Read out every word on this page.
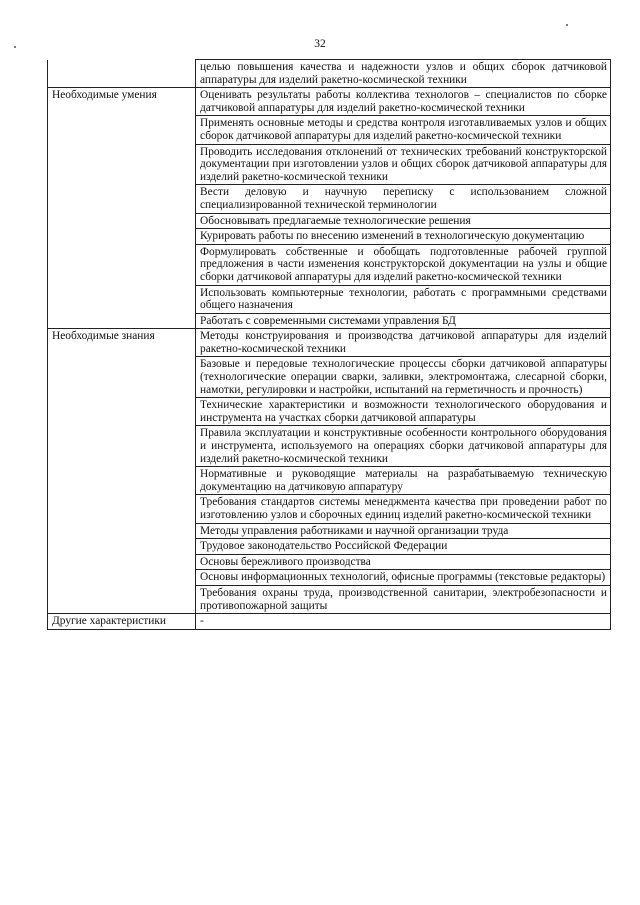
32
	целью повышения качества и надежности узлов и общих сборок датчиковой аппаратуры для изделий ракетно-космической техники
Необходимые умения	Оценивать результаты работы коллектива технологов – специалистов по сборке датчиковой аппаратуры для изделий ракетно-космической техники
	Применять основные методы и средства контроля изготавливаемых узлов и общих сборок датчиковой аппаратуры для изделий ракетно-космической техники
	Проводить исследования отклонений от технических требований конструкторской документации при изготовлении узлов и общих сборок датчиковой аппаратуры для изделий ракетно-космической техники
	Вести деловую и научную переписку с использованием сложной специализированной технической терминологии
	Обосновывать предлагаемые технологические решения
	Курировать работы по внесению изменений в технологическую документацию
	Формулировать собственные и обобщать подготовленные рабочей группой предложения в части изменения конструкторской документации на узлы и общие сборки датчиковой аппаратуры для изделий ракетно-космической техники
	Использовать компьютерные технологии, работать с программными средствами общего назначения
	Работать с современными системами управления БД
Необходимые знания	Методы конструирования и производства датчиковой аппаратуры для изделий ракетно-космической техники
	Базовые и передовые технологические процессы сборки датчиковой аппаратуры (технологические операции сварки, заливки, электромонтажа, слесарной сборки, намотки, регулировки и настройки, испытаний на герметичность и прочность)
	Технические характеристики и возможности технологического оборудования и инструмента на участках сборки датчиковой аппаратуры
	Правила эксплуатации и конструктивные особенности контрольного оборудования и инструмента, используемого на операциях сборки датчиковой аппаратуры для изделий ракетно-космической техники
	Нормативные и руководящие материалы на разрабатываемую техническую документацию на датчиковую аппаратуру
	Требования стандартов системы менеджмента качества при проведении работ по изготовлению узлов и сборочных единиц изделий ракетно-космической техники
	Методы управления работниками и научной организации труда
	Трудовое законодательство Российской Федерации
	Основы бережливого производства
	Основы информационных технологий, офисные программы (текстовые редакторы)
	Требования охраны труда, производственной санитарии, электробезопасности и противопожарной защиты
Другие характеристики	-
